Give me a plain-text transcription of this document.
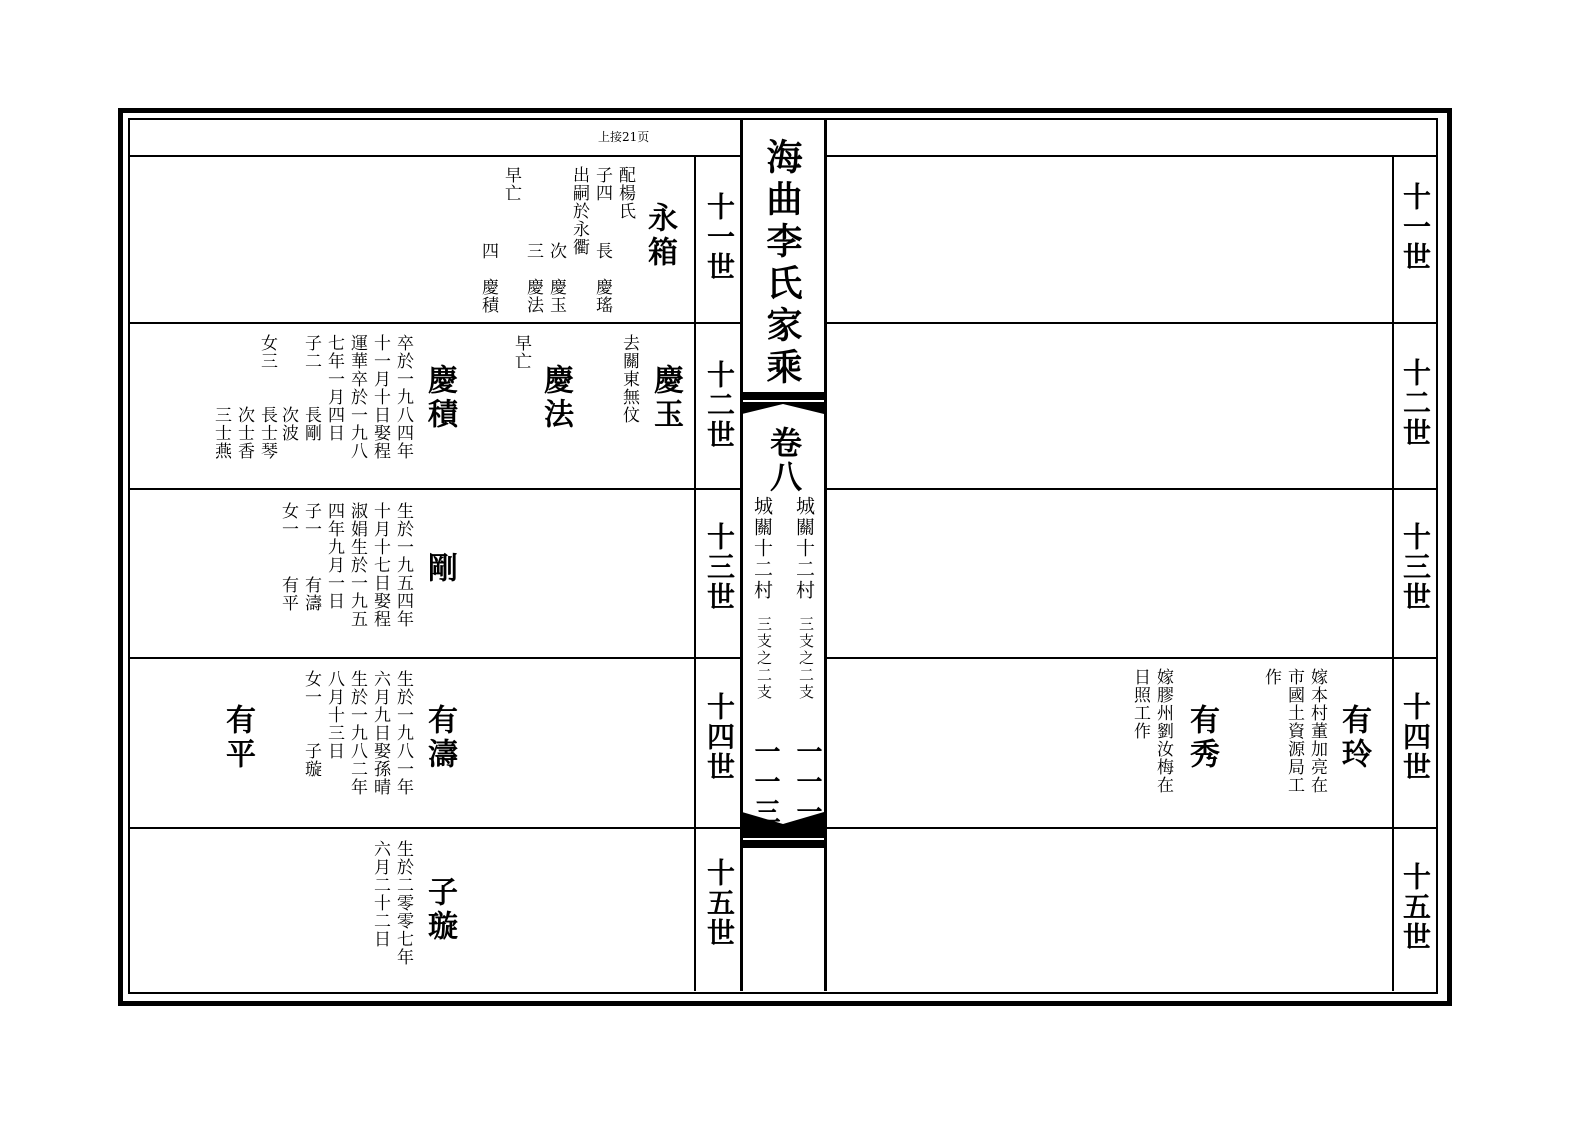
上接21页
海曲李氏家乘
卷八
城關十二村
城關十二村
三支之二支
三支之二支
一一一
一一三
十一世
十二世
十三世
十四世
十五世
十一世
十二世
十三世
十四世
十五世
永箱
配楊氏
子四
出嗣於永衢
早亡
長　慶瑤
次　慶玉
三　慶法
四　慶積
慶玉
去關東無伩
慶法
早亡
慶積
卒於一九八四年
十一月十日娶程
運華卒於一九八
七年一月四日
子二
女三
長剛
次波
長士琴
次士香
三士燕
剛
生於一九五四年
十月十七日娶程
淑娟生於一九五
四年九月一日
子一
女一
有濤
有平
有濤
生於一九八一年
六月九日娶孫晴
生於一九八二年
八月十三日
女一
子璇
有平
子璇
生於二零零七年
六月二十二日
有玲
嫁本村董加亮在
市國土資源局工
作
有秀
嫁膠州劉汝梅在
日照工作
